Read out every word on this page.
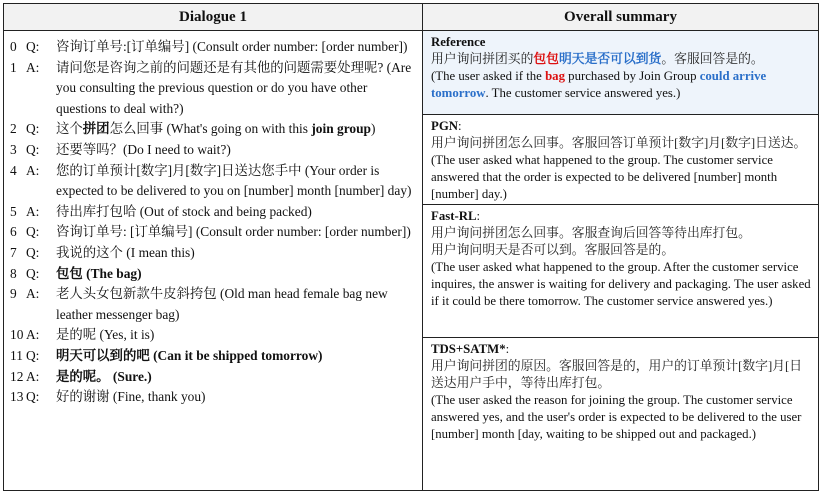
Dialogue 1	Overall summary
0 Q:	咨询订单号:[订单编号] (Consult order number: [order number])
1 A:	请问您是咨询之前的问题还是有其他的问题需要处理呢? (Are you consulting the previous question or do you have other questions to deal with?)
2 Q:	这个拼团怎么回事 (What's going on with this join group)
3 Q:	还要等吗？(Do I need to wait?)
4 A:	您的订单预计[数字]月[数字]日送达您手中 (Your order is expected to be delivered to you on [number] month [number] day)
5 A:	待出库打包哈 (Out of stock and being packed)
6 Q:	咨询订单号: [订单编号] (Consult order number: [order number])
7 Q:	我说的这个 (I mean this)
8 Q:	包包 (The bag)
9 A:	老人头女包新款牛皮斜挎包 (Old man head female bag new leather messenger bag)
10 A:	是的呢 (Yes, it is)
11 Q:	明天可以到的吧 (Can it be shipped tomorrow)
12 A:	是的呢。 (Sure.)
13 Q:	好的谢谢 (Fine, thank you)
Reference
用户询问拼团买的包包明天是否可以到货。客服回答是的。
(The user asked if the bag purchased by Join Group could arrive tomorrow. The customer service answered yes.)
PGN:
用户询问拼团怎么回事。客服回答订单预计[数字]月[数字]日送达。
(The user asked what happened to the group. The customer service answered that the order is expected to be delivered [number] month [number] day.)
Fast-RL:
用户询问拼团怎么回事。客服查询后回答等待出库打包。
用户询问明天是否可以到。客服回答是的。
(The user asked what happened to the group. After the customer service inquires, the answer is waiting for delivery and packaging. The user asked if it could be there tomorrow. The customer service answered yes.)
TDS+SATM*:
用户询问拼团的原因。客服回答是的，用户的订单预计[数字]月[日送达用户手中，等待出库打包。
(The user asked the reason for joining the group. The customer service answered yes, and the user's order is expected to be delivered to the user [number] month [day, waiting to be shipped out and packaged.)
